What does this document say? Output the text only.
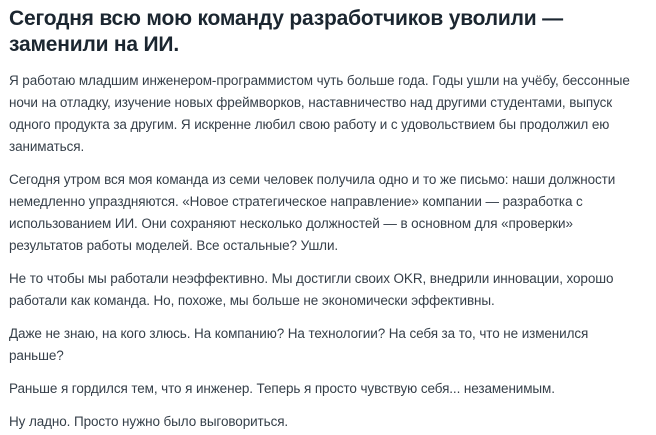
Сегодня всю мою команду разработчиков уволили — заменили на ИИ.

Я работаю младшим инженером-программистом чуть больше года. Годы ушли на учёбу, бессонные ночи на отладку, изучение новых фреймворков, наставничество над другими студентами, выпуск одного продукта за другим. Я искренне любил свою работу и с удовольствием бы продолжил ею заниматься.

Сегодня утром вся моя команда из семи человек получила одно и то же письмо: наши должности немедленно упраздняются. «Новое стратегическое направление» компании — разработка с использованием ИИ. Они сохраняют несколько должностей — в основном для «проверки» результатов работы моделей. Все остальные? Ушли.

Не то чтобы мы работали неэффективно. Мы достигли своих OKR, внедрили инновации, хорошо работали как команда. Но, похоже, мы больше не экономически эффективны.

Даже не знаю, на кого злюсь. На компанию? На технологии? На себя за то, что не изменился раньше?

Раньше я гордился тем, что я инженер. Теперь я просто чувствую себя... незаменимым.

Ну ладно. Просто нужно было выговориться.
